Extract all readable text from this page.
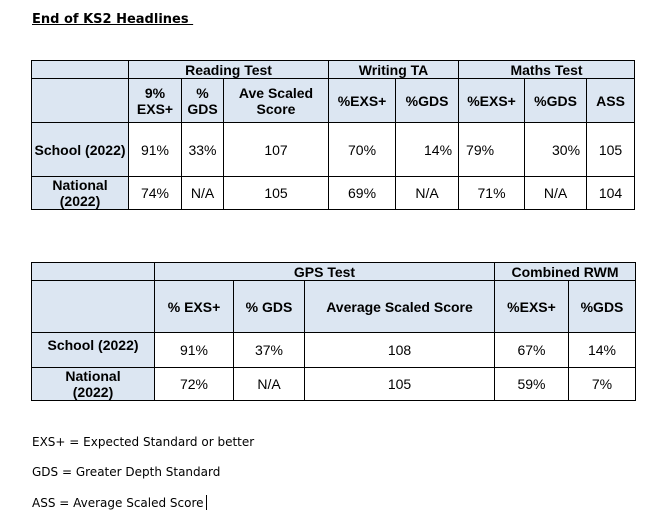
End of KS2 Headlines
	Reading Test			Writing TA		Maths Test		
	9% EXS+	% GDS	Ave Scaled Score	%EXS+	%GDS	%EXS+	%GDS	ASS
School (2022)	91%	33%	107	70%	14%	79%	30%	105
National (2022)	74%	N/A	105	69%	N/A	71%	N/A	104
	GPS Test			Combined RWM	
	% EXS+	% GDS	Average Scaled Score	%EXS+	%GDS
School (2022)	91%	37%	108	67%	14%
National (2022)	72%	N/A	105	59%	7%
EXS+ = Expected Standard or better
GDS = Greater Depth Standard
ASS = Average Scaled Score
